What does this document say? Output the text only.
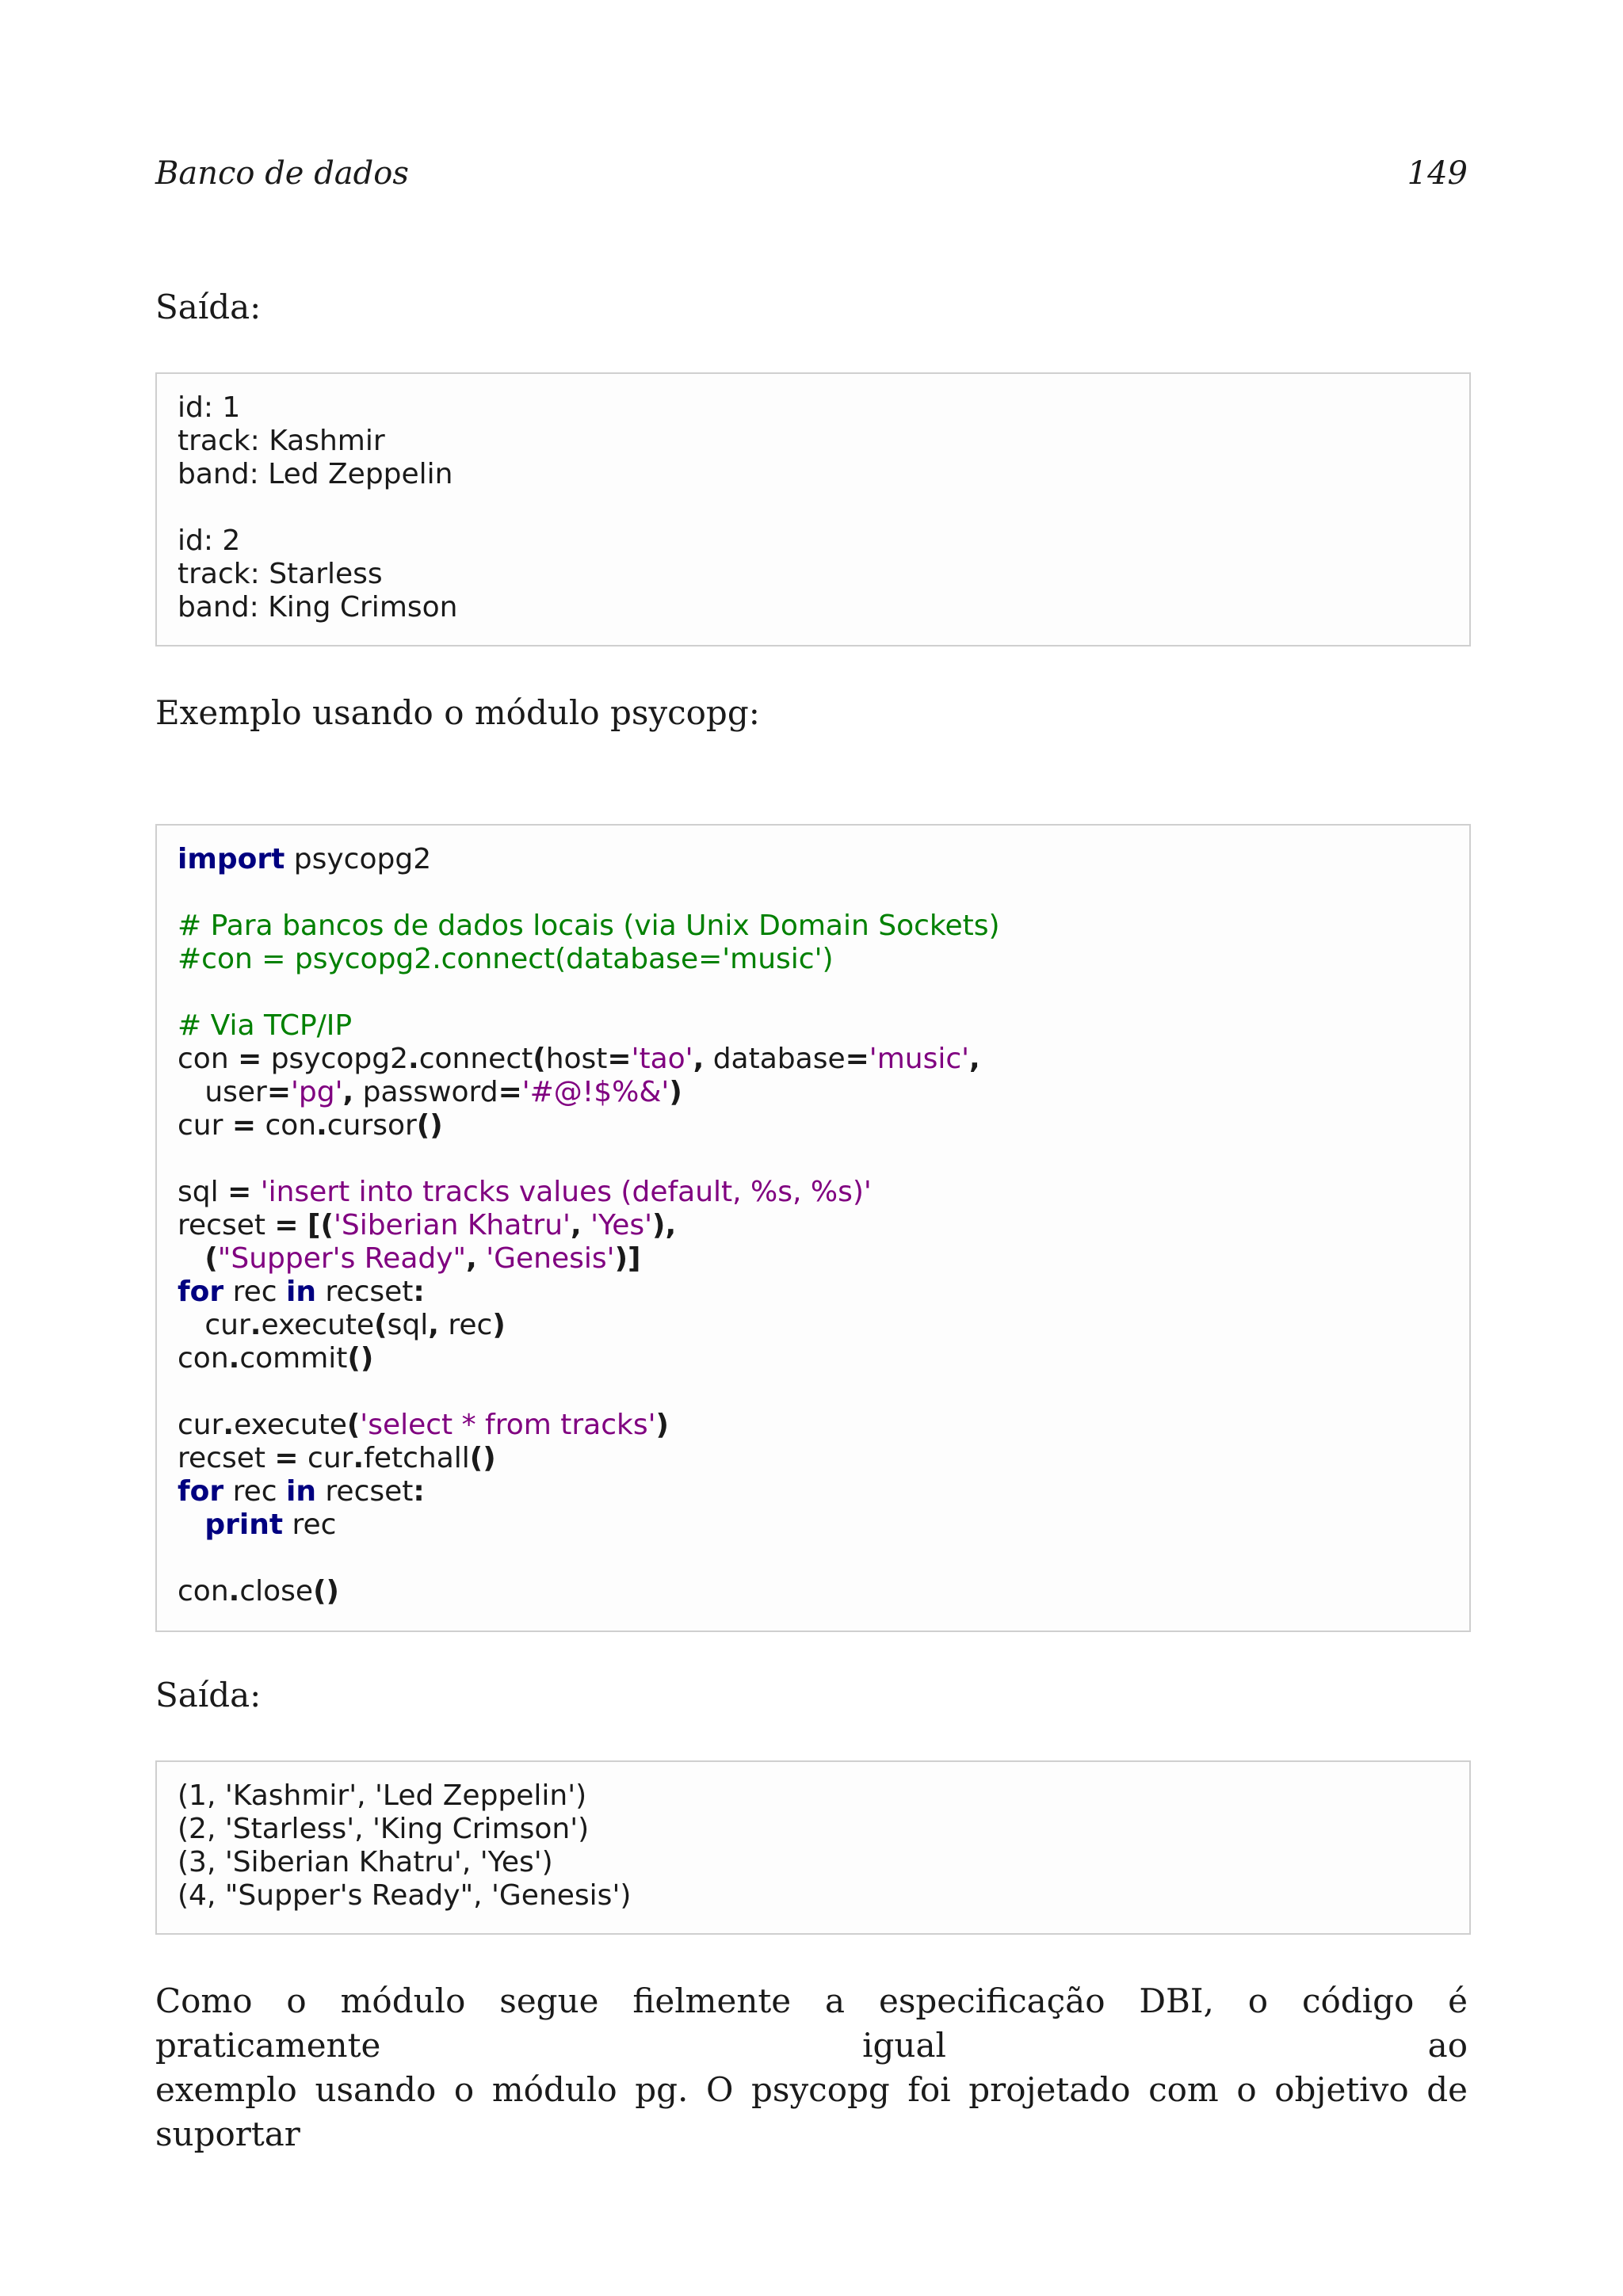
Banco de dados	149

Saída:

id: 1
track: Kashmir
band: Led Zeppelin
id: 2
track: Starless
band: King Crimson

Exemplo usando o módulo psycopg:

import psycopg2
# Para bancos de dados locais (via Unix Domain Sockets)
#con = psycopg2.connect(database='music')
# Via TCP/IP
con = psycopg2.connect(host='tao', database='music',
user='pg', password='#@!$%&')
cur = con.cursor()
sql = 'insert into tracks values (default, %s, %s)'
recset = [('Siberian Khatru', 'Yes'),
("Supper's Ready", 'Genesis')]
for rec in recset:
cur.execute(sql, rec)
con.commit()
cur.execute('select * from tracks')
recset = cur.fetchall()
for rec in recset:
print rec
con.close()

Saída:

(1, 'Kashmir', 'Led Zeppelin')
(2, 'Starless', 'King Crimson')
(3, 'Siberian Khatru', 'Yes')
(4, "Supper's Ready", 'Genesis')
Como o módulo segue fielmente a especificação DBI, o código é praticamente igual ao
exemplo usando o módulo pg. O psycopg foi projetado com o objetivo de suportar
